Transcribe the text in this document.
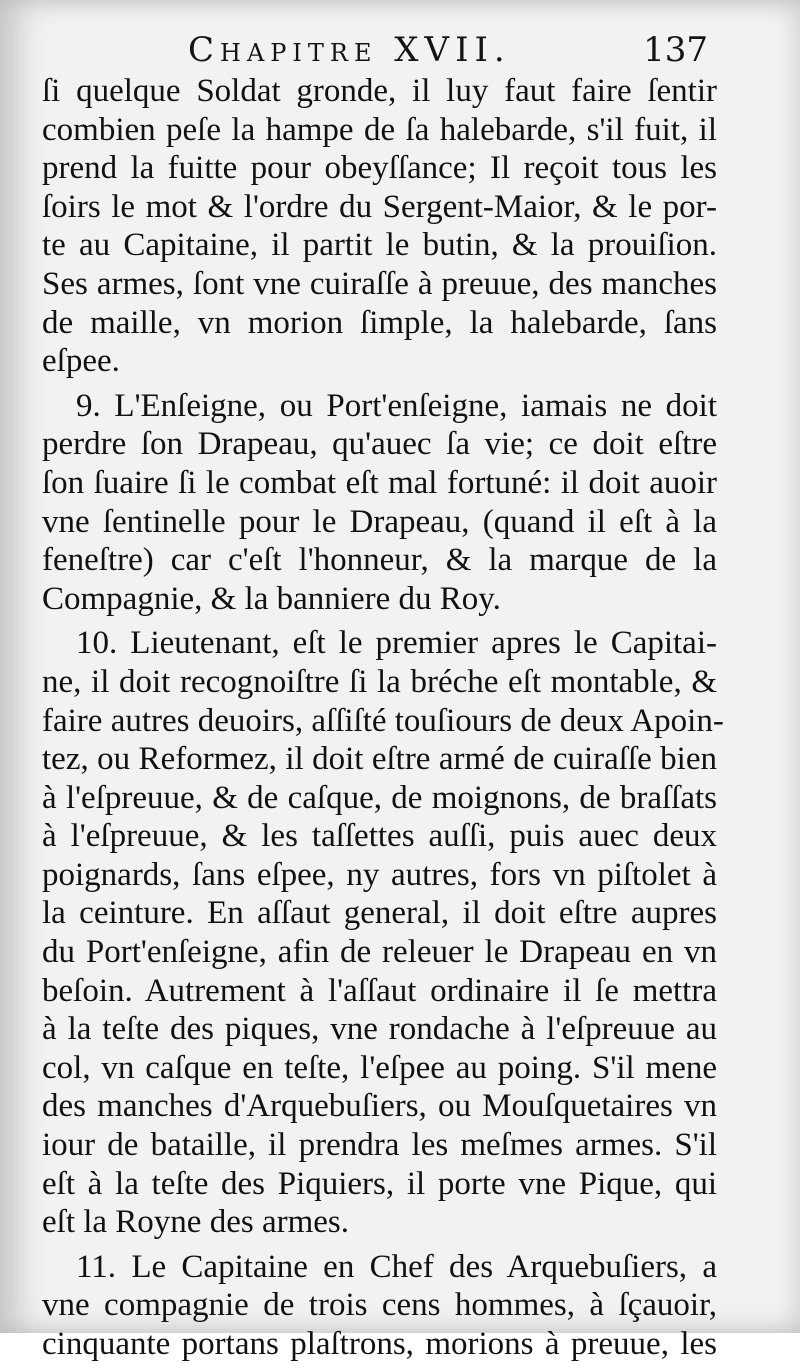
Chapitre XVII.	137
ſi quelque Soldat gronde, il luy faut faire ſentir
combien peſe la hampe de ſa halebarde, s'il fuit, il
prend la fuitte pour obeyſſance; Il reçoit tous les
ſoirs le mot & l'ordre du Sergent-Maior, & le por-
te au Capitaine, il partit le butin, & la prouiſion.
Ses armes, ſont vne cuiraſſe à preuue, des manches
de maille, vn morion ſimple, la halebarde, ſans
eſpee.
9. L'Enſeigne, ou Port'enſeigne, iamais ne doit
perdre ſon Drapeau, qu'auec ſa vie; ce doit eſtre
ſon ſuaire ſi le combat eſt mal fortuné: il doit auoir
vne ſentinelle pour le Drapeau, (quand il eſt à la
feneſtre) car c'eſt l'honneur, & la marque de la
Compagnie, & la banniere du Roy.
10. Lieutenant, eſt le premier apres le Capitai-
ne, il doit recognoiſtre ſi la bréche eſt montable, &
faire autres deuoirs, aſſiſté touſiours de deux Apoin-
tez, ou Reformez, il doit eſtre armé de cuiraſſe bien
à l'eſpreuue, & de caſque, de moignons, de braſſats
à l'eſpreuue, & les taſſettes auſſi, puis auec deux
poignards, ſans eſpee, ny autres, fors vn piſtolet à
la ceinture. En aſſaut general, il doit eſtre aupres
du Port'enſeigne, afin de releuer le Drapeau en vn
beſoin. Autrement à l'aſſaut ordinaire il ſe mettra
à la teſte des piques, vne rondache à l'eſpreuue au
col, vn caſque en teſte, l'eſpee au poing. S'il mene
des manches d'Arquebuſiers, ou Mouſquetaires vn
iour de bataille, il prendra les meſmes armes. S'il
eſt à la teſte des Piquiers, il porte vne Pique, qui
eſt la Royne des armes.
11. Le Capitaine en Chef des Arquebuſiers, a
vne compagnie de trois cens hommes, à ſçauoir,
cinquante portans plaſtrons, morions à preuue, les
